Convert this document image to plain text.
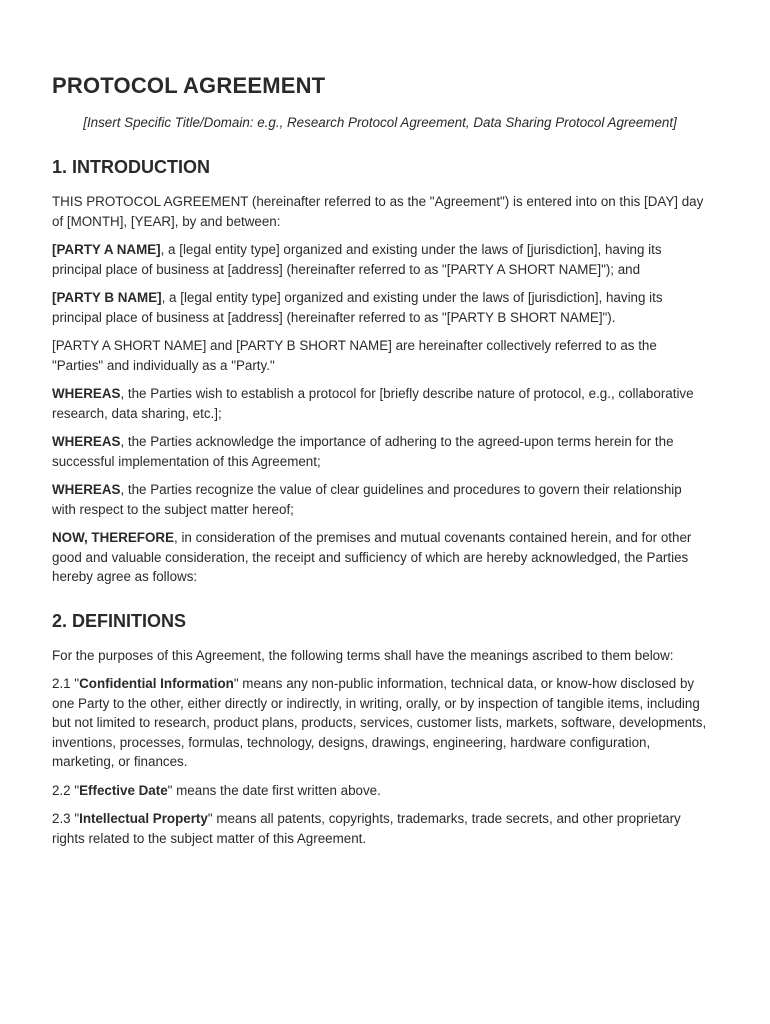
PROTOCOL AGREEMENT
[Insert Specific Title/Domain: e.g., Research Protocol Agreement, Data Sharing Protocol Agreement]
1. INTRODUCTION

THIS PROTOCOL AGREEMENT (hereinafter referred to as the "Agreement") is entered into on this [DAY] day of [MONTH], [YEAR], by and between:

[PARTY A NAME], a [legal entity type] organized and existing under the laws of [jurisdiction], having its principal place of business at [address] (hereinafter referred to as "[PARTY A SHORT NAME]"); and

[PARTY B NAME], a [legal entity type] organized and existing under the laws of [jurisdiction], having its principal place of business at [address] (hereinafter referred to as "[PARTY B SHORT NAME]").

[PARTY A SHORT NAME] and [PARTY B SHORT NAME] are hereinafter collectively referred to as the "Parties" and individually as a "Party."

WHEREAS, the Parties wish to establish a protocol for [briefly describe nature of protocol, e.g., collaborative research, data sharing, etc.];

WHEREAS, the Parties acknowledge the importance of adhering to the agreed-upon terms herein for the successful implementation of this Agreement;

WHEREAS, the Parties recognize the value of clear guidelines and procedures to govern their relationship with respect to the subject matter hereof;

NOW, THEREFORE, in consideration of the premises and mutual covenants contained herein, and for other good and valuable consideration, the receipt and sufficiency of which are hereby acknowledged, the Parties hereby agree as follows:

2. DEFINITIONS

For the purposes of this Agreement, the following terms shall have the meanings ascribed to them below:

2.1 "Confidential Information" means any non-public information, technical data, or know-how disclosed by one Party to the other, either directly or indirectly, in writing, orally, or by inspection of tangible items, including but not limited to research, product plans, products, services, customer lists, markets, software, developments, inventions, processes, formulas, technology, designs, drawings, engineering, hardware configuration, marketing, or finances.

2.2 "Effective Date" means the date first written above.

2.3 "Intellectual Property" means all patents, copyrights, trademarks, trade secrets, and other proprietary rights related to the subject matter of this Agreement.
